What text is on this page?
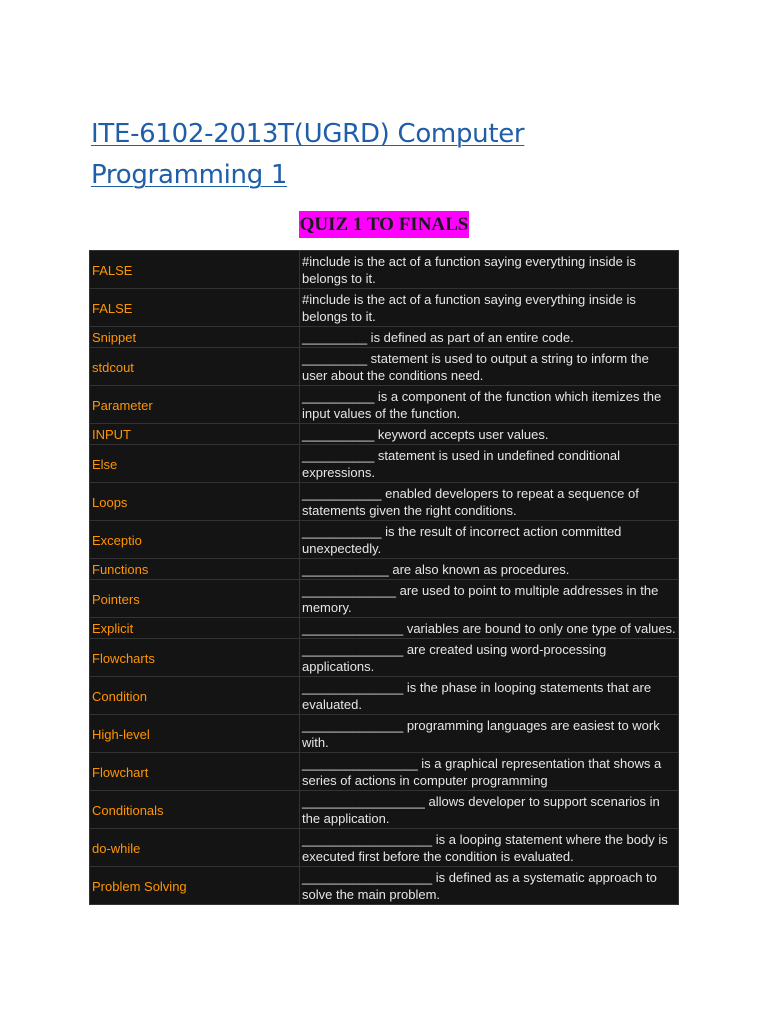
ITE-6102-2013T(UGRD) Computer Programming 1
QUIZ 1 TO FINALS
FALSE	#include is the act of a function saying everything inside is belongs to it.
FALSE	#include is the act of a function saying everything inside is belongs to it.
Snippet	_________ is defined as part of an entire code.
stdcout	_________ statement is used to output a string to inform the user about the conditions need.
Parameter	__________ is a component of the function which itemizes the input values of the function.
INPUT	__________ keyword accepts user values.
Else	__________ statement is used in undefined conditional expressions.
Loops	___________ enabled developers to repeat a sequence of statements given the right conditions.
Exceptio	___________ is the result of incorrect action committed unexpectedly.
Functions	____________ are also known as procedures.
Pointers	_____________ are used to point to multiple addresses in the memory.
Explicit	______________ variables are bound to only one type of values.
Flowcharts	______________ are created using word-processing applications.
Condition	______________ is the phase in looping statements that are evaluated.
High-level	______________ programming languages are easiest to work with.
Flowchart	________________ is a graphical representation that shows a series of actions in computer programming
Conditionals	_________________ allows developer to support scenarios in the application.
do-while	__________________ is a looping statement where the body is executed first before the condition is evaluated.
Problem Solving	__________________ is defined as a systematic approach to solve the main problem.
